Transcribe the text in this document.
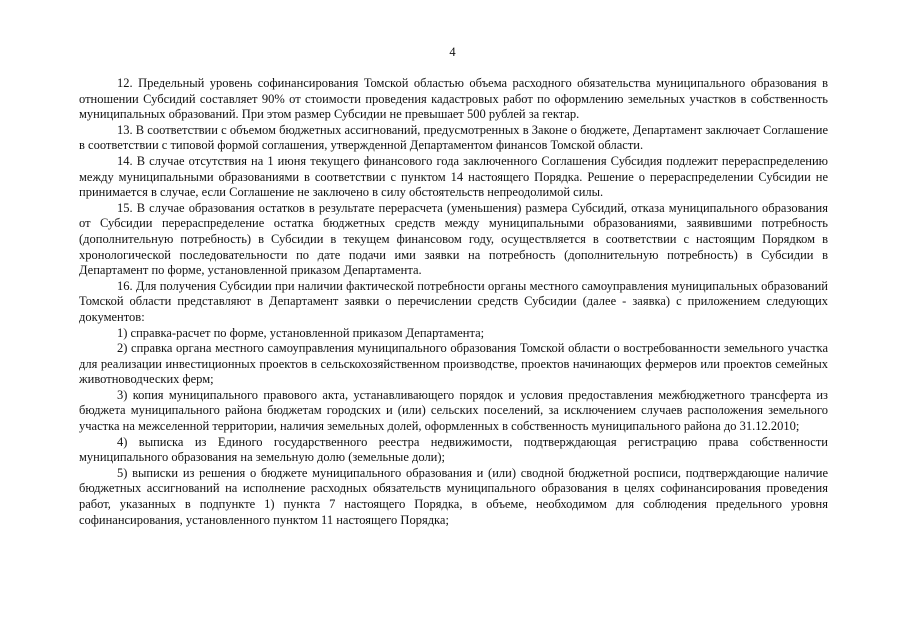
4

12. Предельный уровень софинансирования Томской областью объема расходного обязательства муниципального образования в отношении Субсидий составляет 90% от стоимости проведения кадастровых работ по оформлению земельных участков в собственность муниципальных образований. При этом размер Субсидии не превышает 500 рублей за гектар.

13. В соответствии с объемом бюджетных ассигнований, предусмотренных в Законе о бюджете, Департамент заключает Соглашение в соответствии с типовой формой соглашения, утвержденной Департаментом финансов Томской области.

14. В случае отсутствия на 1 июня текущего финансового года заключенного Соглашения Субсидия подлежит перераспределению между муниципальными образованиями в соответствии с пунктом 14 настоящего Порядка. Решение о перераспределении Субсидии не принимается в случае, если Соглашение не заключено в силу обстоятельств непреодолимой силы.

15. В случае образования остатков в результате перерасчета (уменьшения) размера Субсидий, отказа муниципального образования от Субсидии перераспределение остатка бюджетных средств между муниципальными образованиями, заявившими потребность (дополнительную потребность) в Субсидии в текущем финансовом году, осуществляется в соответствии с настоящим Порядком в хронологической последовательности по дате подачи ими заявки на потребность (дополнительную потребность) в Субсидии в Департамент по форме, установленной приказом Департамента.

16. Для получения Субсидии при наличии фактической потребности органы местного самоуправления муниципальных образований Томской области представляют в Департамент заявки о перечислении средств Субсидии (далее - заявка) с приложением следующих документов:

1) справка-расчет по форме, установленной приказом Департамента;

2) справка органа местного самоуправления муниципального образования Томской области о востребованности земельного участка для реализации инвестиционных проектов в сельскохозяйственном производстве, проектов начинающих фермеров или проектов семейных животноводческих ферм;

3) копия муниципального правового акта, устанавливающего порядок и условия предоставления межбюджетного трансферта из бюджета муниципального района бюджетам городских и (или) сельских поселений, за исключением случаев расположения земельного участка на межселенной территории, наличия земельных долей, оформленных в собственность муниципального района до 31.12.2010;

4) выписка из Единого государственного реестра недвижимости, подтверждающая регистрацию права собственности муниципального образования на земельную долю (земельные доли);

5) выписки из решения о бюджете муниципального образования и (или) сводной бюджетной росписи, подтверждающие наличие бюджетных ассигнований на исполнение расходных обязательств муниципального образования в целях софинансирования проведения работ, указанных в подпункте 1) пункта 7 настоящего Порядка, в объеме, необходимом для соблюдения предельного уровня софинансирования, установленного пунктом 11 настоящего Порядка;
